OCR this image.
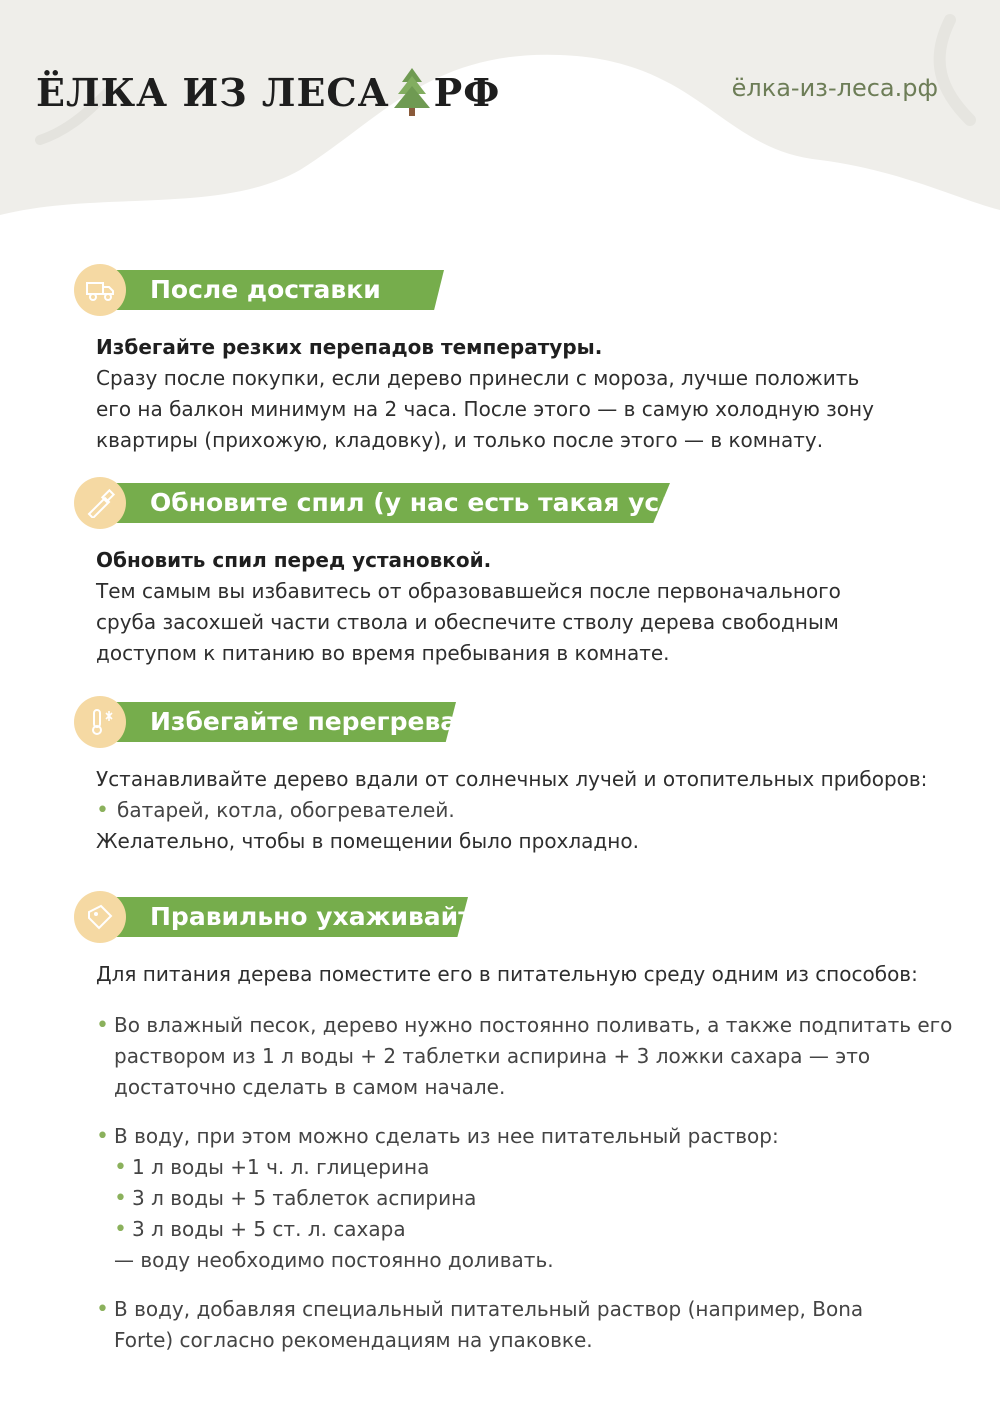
ЁЛКА ИЗ ЛЕСА РФ	ёлка-из-леса.рф
После доставки
Избегайте резких перепадов температуры.
Сразу после покупки, если дерево принесли с мороза, лучше положить
его на балкон минимум на 2 часа. После этого — в самую холодную зону
квартиры (прихожую, кладовку), и только после этого — в комнату.
Обновите спил (у нас есть такая услуга)
Обновить спил перед установкой.
Тем самым вы избавитесь от образовавшейся после первоначального
сруба засохшей части ствола и обеспечите стволу дерева свободным
доступом к питанию во время пребывания в комнате.
Избегайте перегрева
Устанавливайте дерево вдали от солнечных лучей и отопительных приборов:
• батарей, котла, обогревателей.
Желательно, чтобы в помещении было прохладно.
Правильно ухаживайте
Для питания дерева поместите его в питательную среду одним из способов:
• Во влажный песок, дерево нужно постоянно поливать, а также подпитать его
раствором из 1 л воды + 2 таблетки аспирина + 3 ложки сахара — это
достаточно сделать в самом начале.
• В воду, при этом можно сделать из нее питательный раствор:
• 1 л воды +1 ч. л. глицерина
• 3 л воды + 5 таблеток аспирина
• 3 л воды + 5 ст. л. сахара
— воду необходимо постоянно доливать.
• В воду, добавляя специальный питательный раствор (например, Bona
Forte) согласно рекомендациям на упаковке.
